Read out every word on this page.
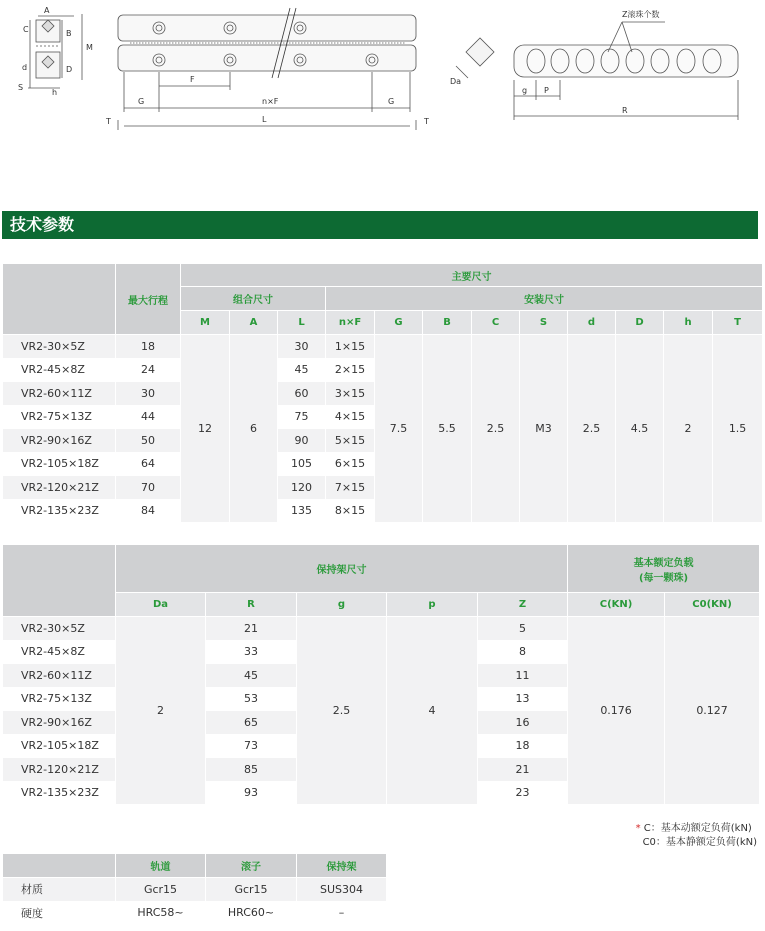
A
C	B
M
d	D
S
h
F
n×F
G	G
T	L	T
Da
Z滚珠个数
g P
R
技术参数
	最大行程	主要尺寸											
		组合尺寸			安装尺寸								
		M	A	L	n×F	G	B	C	S	d	D	h	T
VR2-30×5Z	18	12	6	30	1×15	7.5	5.5	2.5	M3	2.5	4.5	2	1.5
VR2-45×8Z	24			45	2×15								
VR2-60×11Z	30			60	3×15								
VR2-75×13Z	44			75	4×15								
VR2-90×16Z	50			90	5×15								
VR2-105×18Z	64			105	6×15								
VR2-120×21Z	70			120	7×15								
VR2-135×23Z	84			135	8×15								
	保持架尺寸					基本额定负载
(每一颗珠)	

	Da	R	g	p	Z	C(KN)	C0(KN)
VR2-30×5Z	2	21	2.5	4	5	0.176	0.127
VR2-45×8Z		33			8		
VR2-60×11Z		45			11		
VR2-75×13Z		53			13		
VR2-90×16Z		65			16		
VR2-105×18Z		73			18		
VR2-120×21Z		85			21		
VR2-135×23Z		93			23		
* C：基本动额定负荷(kN)
C0：基本静额定负荷(kN)
	轨道	滚子	保持架
材质	Gcr15	Gcr15	SUS304
硬度	HRC58~	HRC60~	–
